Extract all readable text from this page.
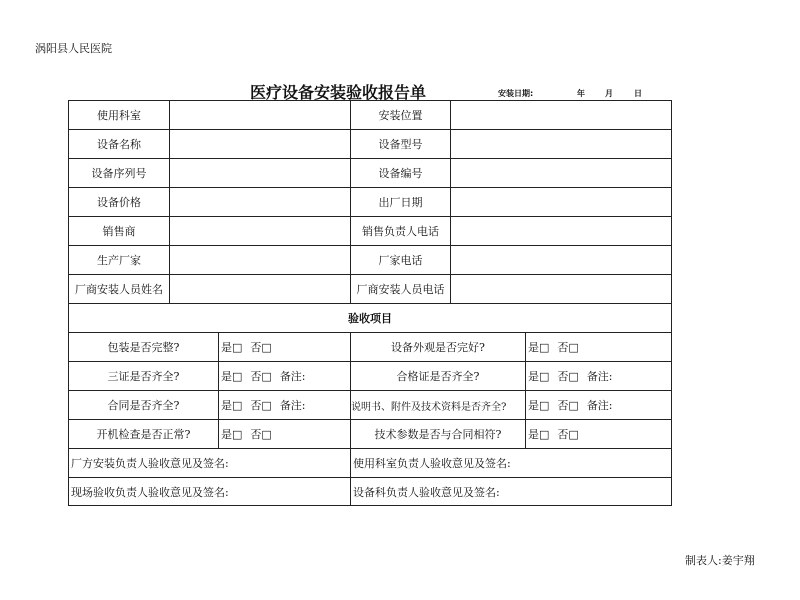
涡阳县人民医院
医疗设备安装验收报告单	安装日期:	年	月	日
使用科室	安装位置
设备名称	设备型号
设备序列号	设备编号
设备价格	出厂日期
销售商	销售负责人电话
生产厂家	厂家电话
厂商安装人员姓名	厂商安装人员电话
验收项目
包装是否完整?	是□ 否□	设备外观是否完好?	是□ 否□
三证是否齐全?	是□ 否□ 备注:	合格证是否齐全?	是□ 否□ 备注:
合同是否齐全?	是□ 否□ 备注:	说明书、附件及技术资料是否齐全?	是□ 否□ 备注:
开机检查是否正常?	是□ 否□	技术参数是否与合同相符?	是□ 否□
厂方安装负责人验收意见及签名:	使用科室负责人验收意见及签名:
现场验收负责人验收意见及签名:	设备科负责人验收意见及签名:
制表人:姜宇翔
